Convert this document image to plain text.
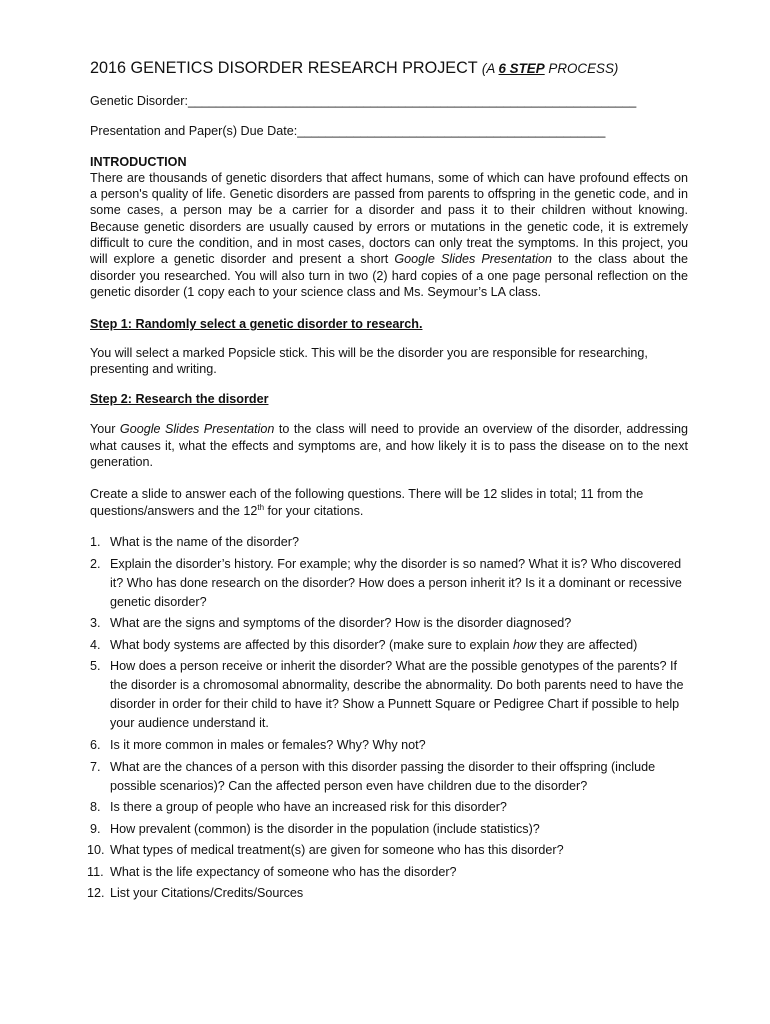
2016 GENETICS DISORDER RESEARCH PROJECT (A 6 STEP PROCESS)

Genetic Disorder:________________________________________________________________

Presentation and Paper(s) Due Date:____________________________________________

INTRODUCTION

There are thousands of genetic disorders that affect humans, some of which can have profound effects on a person's quality of life. Genetic disorders are passed from parents to offspring in the genetic code, and in some cases, a person may be a carrier for a disorder and pass it to their children without knowing. Because genetic disorders are usually caused by errors or mutations in the genetic code, it is extremely difficult to cure the condition, and in most cases, doctors can only treat the symptoms. In this project, you will explore a genetic disorder and present a short Google Slides Presentation to the class about the disorder you researched. You will also turn in two (2) hard copies of a one page personal reflection on the genetic disorder (1 copy each to your science class and Ms. Seymour’s LA class.

Step 1: Randomly select a genetic disorder to research.

You will select a marked Popsicle stick. This will be the disorder you are responsible for researching, presenting and writing.

Step 2: Research the disorder

Your Google Slides Presentation to the class will need to provide an overview of the disorder, addressing what causes it, what the effects and symptoms are, and how likely it is to pass the disease on to the next generation.

Create a slide to answer each of the following questions. There will be 12 slides in total; 11 from the questions/answers and the 12th for your citations.

1. What is the name of the disorder?
2. Explain the disorder’s history. For example; why the disorder is so named? What it is? Who discovered it? Who has done research on the disorder? How does a person inherit it? Is it a dominant or recessive genetic disorder?
3. What are the signs and symptoms of the disorder? How is the disorder diagnosed?
4. What body systems are affected by this disorder? (make sure to explain how they are affected)
5. How does a person receive or inherit the disorder? What are the possible genotypes of the parents? If the disorder is a chromosomal abnormality, describe the abnormality. Do both parents need to have the disorder in order for their child to have it? Show a Punnett Square or Pedigree Chart if possible to help your audience understand it.
6. Is it more common in males or females? Why? Why not?
7. What are the chances of a person with this disorder passing the disorder to their offspring (include possible scenarios)? Can the affected person even have children due to the disorder?
8. Is there a group of people who have an increased risk for this disorder?
9. How prevalent (common) is the disorder in the population (include statistics)?
10. What types of medical treatment(s) are given for someone who has this disorder?
11. What is the life expectancy of someone who has the disorder?
12. List your Citations/Credits/Sources
